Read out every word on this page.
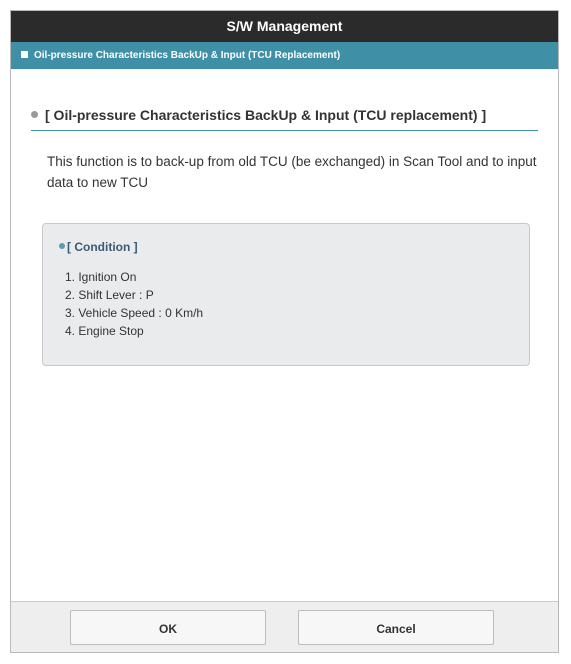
S/W Management
Oil-pressure Characteristics BackUp & Input (TCU Replacement)
[ Oil-pressure Characteristics BackUp & Input (TCU replacement) ]
This function is to back-up from old TCU (be exchanged) in Scan Tool and to input data to new TCU
[ Condition ]
1. Ignition On
2. Shift Lever : P
3. Vehicle Speed : 0 Km/h
4. Engine Stop
OK	Cancel
